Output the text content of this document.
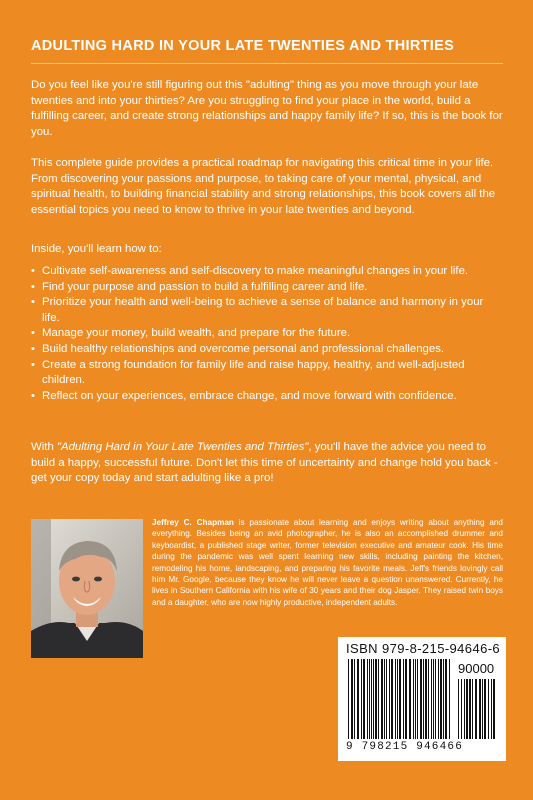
ADULTING HARD IN YOUR LATE TWENTIES AND THIRTIES
Do you feel like you're still figuring out this "adulting" thing as you move through your late twenties and into your thirties? Are you struggling to find your place in the world, build a fulfilling career, and create strong relationships and happy family life? If so, this is the book for you.
This complete guide provides a practical roadmap for navigating this critical time in your life. From discovering your passions and purpose, to taking care of your mental, physical, and spiritual health, to building financial stability and strong relationships, this book covers all the essential topics you need to know to thrive in your late twenties and beyond.
Inside, you'll learn how to:
• Cultivate self-awareness and self-discovery to make meaningful changes in your life.
• Find your purpose and passion to build a fulfilling career and life.
• Prioritize your health and well-being to achieve a sense of balance and harmony in your life.
• Manage your money, build wealth, and prepare for the future.
• Build healthy relationships and overcome personal and professional challenges.
• Create a strong foundation for family life and raise happy, healthy, and well-adjusted children.
• Reflect on your experiences, embrace change, and move forward with confidence.
With "Adulting Hard in Your Late Twenties and Thirties", you'll have the advice you need to build a happy, successful future. Don't let this time of uncertainty and change hold you back - get your copy today and start adulting like a pro!
Jeffrey C. Chapman is passionate about learning and enjoys writing about anything and everything. Besides being an avid photographer, he is also an accomplished drummer and keyboardist, a published stage writer, former television executive and amateur cook. His time during the pandemic was well spent learning new skills, including painting the kitchen, remodeling his home, landscaping, and preparing his favorite meals. Jeff's friends lovingly call him Mr. Google, because they know he will never leave a question unanswered. Currently, he lives in Southern California with his wife of 30 years and their dog Jasper. They raised twin boys and a daughter, who are now highly productive, independent adults.
ISBN 979-8-215-94646-6
90000
9 798215 946466
